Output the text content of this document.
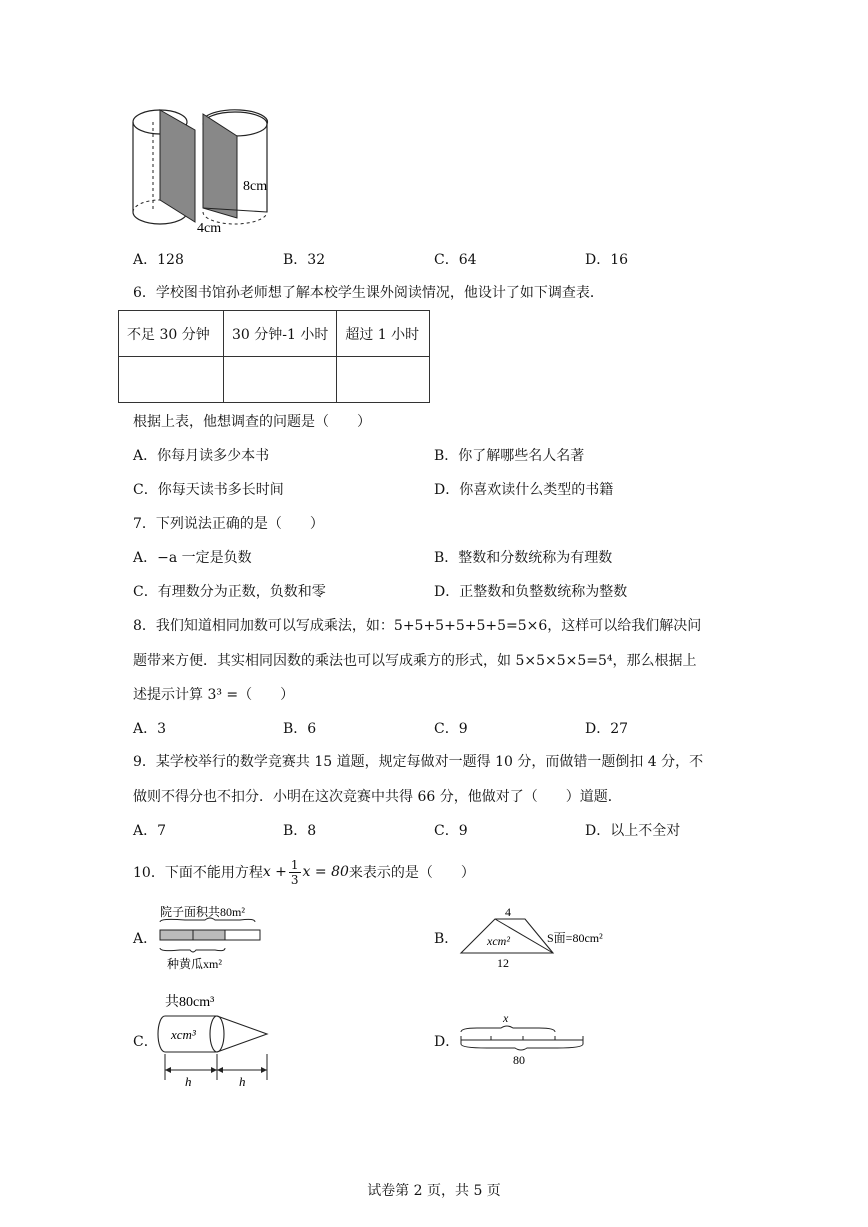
8cm
4cm
A．128	B．32	C．64	D．16
6．学校图书馆孙老师想了解本校学生课外阅读情况，他设计了如下调查表．
不足 30 分钟	30 分钟-1 小时	超过 1 小时

根据上表，他想调查的问题是（　　）
A．你每月读多少本书	B．你了解哪些名人名著
C．你每天读书多长时间	D．你喜欢读什么类型的书籍
7．下列说法正确的是（　　）
A．−a 一定是负数	B．整数和分数统称为有理数
C．有理数分为正数，负数和零	D．正整数和负整数统称为整数
8．我们知道相同加数可以写成乘法，如：5+5+5+5+5+5=5×6，这样可以给我们解决问
题带来方便．其实相同因数的乘法也可以写成乘方的形式，如 5×5×5×5=5⁴，那么根据上
述提示计算 3³ =（　　）
A．3	B．6	C．9	D．27
9．某学校举行的数学竞赛共 15 道题，规定每做对一题得 10 分，而做错一题倒扣 4 分，不
做则不得分也不扣分．小明在这次竞赛中共得 66 分，他做对了（　　）道题．
A．7	B．8	C．9	D．以上不全对
10．下面不能用方程 $x + \frac{1}{3}$ x = 80 来表示的是（　　）
A．
院子面积共80m²
种黄瓜xm²
B．
4
xcm²	S面=80cm²
12
C．
共80cm³
xcm³
h	h
D．
x
80
试卷第 2 页，共 5 页
